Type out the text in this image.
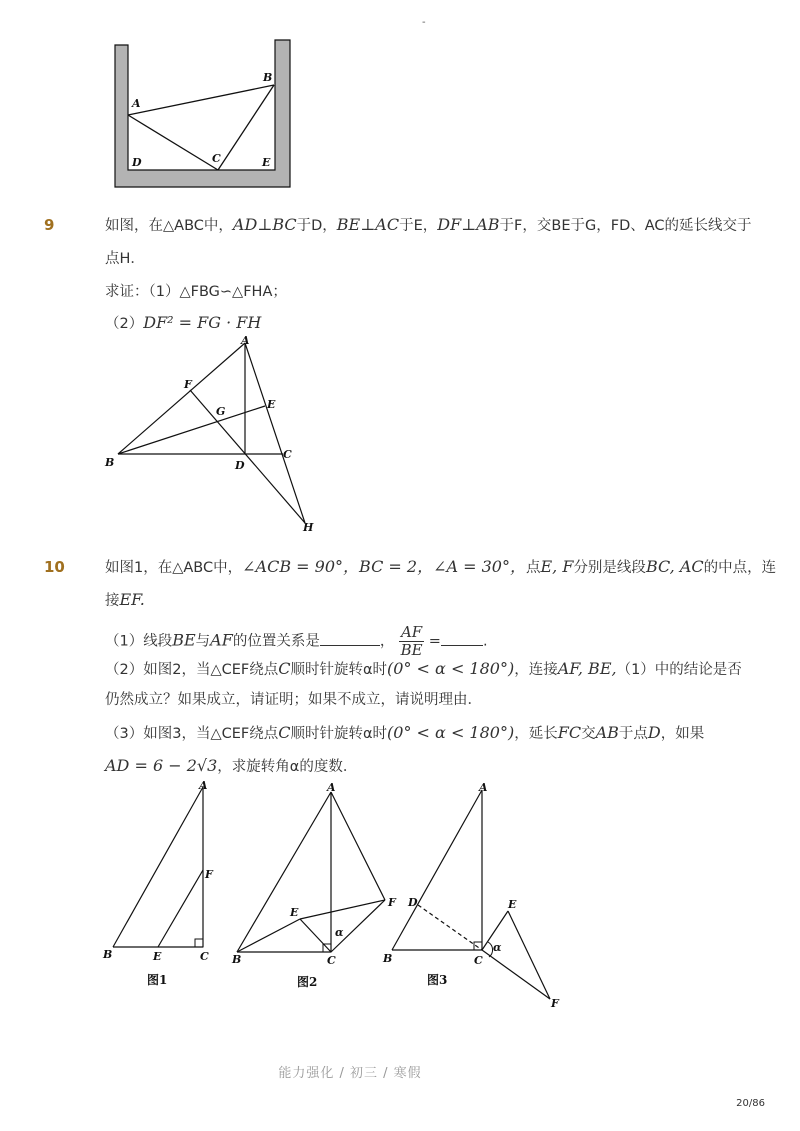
-
A
B
D	C	E
9	如图，在△ABC中，AD⊥BC于D，BE⊥AC于E，DF⊥AB于F，交BE于G，FD、AC的延长线交于
点H．
求证：（1）△FBG∽△FHA；
（2）DF² = FG · FH
A
F
G
E
B	D
C
H
10	如图1，在△ABC中，∠ACB = 90°，BC = 2，∠A = 30°，点E, F分别是线段BC, AC的中点，连
接EF.
（1）线段BE与AF的位置关系是	， $\frac{AF}{BE}$ =	.
（2）如图2，当△CEF绕点C顺时针旋转α时(0° < α < 180°)，连接AF, BE,（1）中的结论是否
仍然成立？如果成立，请证明；如果不成立，请说明理由．
（3）如图3，当△CEF绕点C顺时针旋转α时(0° < α < 180°)，延长FC交AB于点D，如果
AD = 6 − 2√3，求旋转角α的度数．
A
F
B	E	C
图1
A
E
F
α
B	C
图2
A
D	E
α
B	C
F
图3
能力强化 / 初三 / 寒假
20/86
